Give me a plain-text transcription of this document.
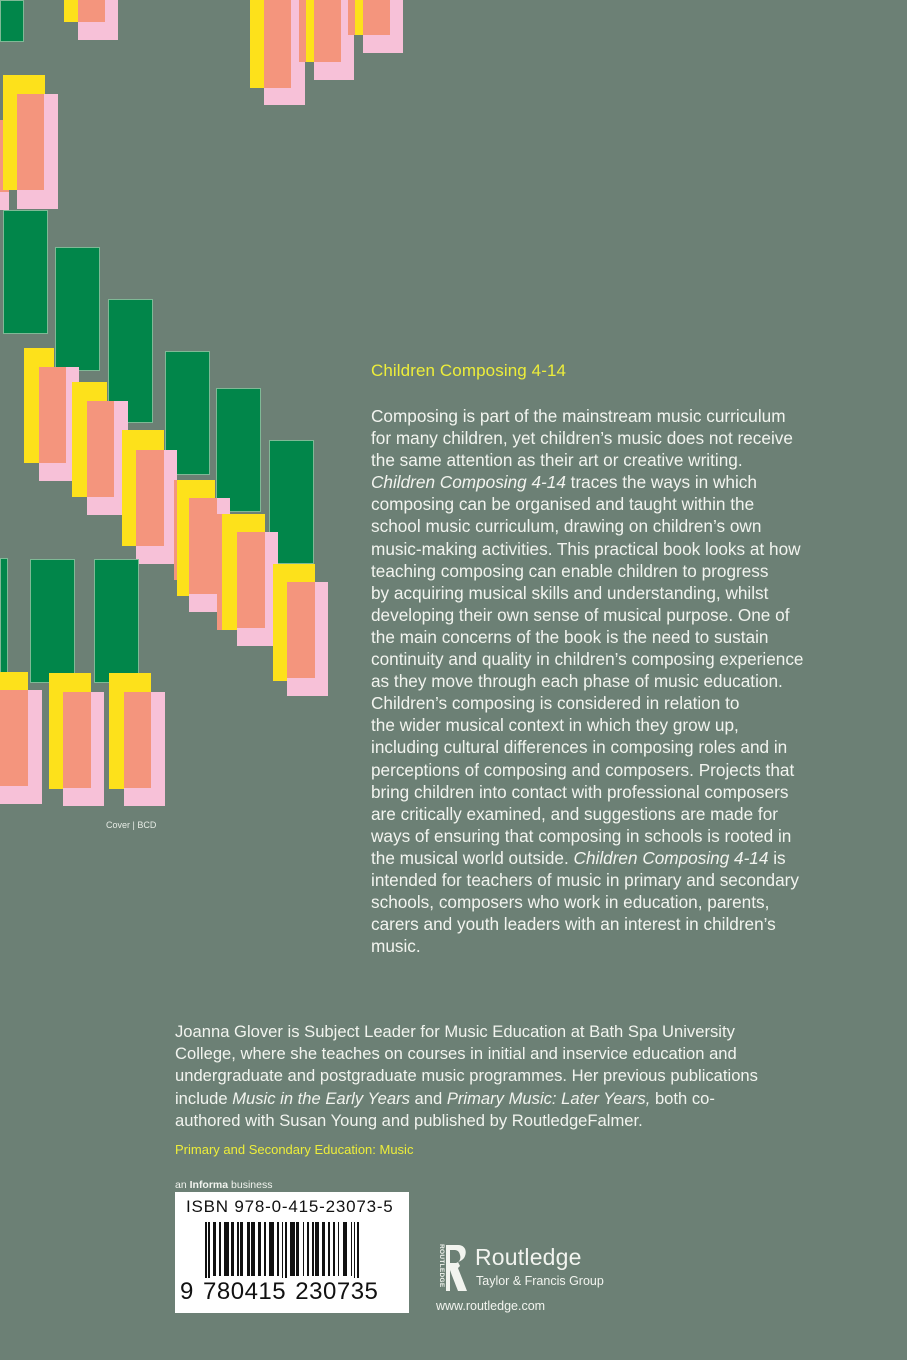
Children Composing 4-14
Composing is part of the mainstream music curriculum
for many children, yet children’s music does not receive
the same attention as their art or creative writing.
Children Composing 4-14 traces the ways in which
composing can be organised and taught within the
school music curriculum, drawing on children’s own
music-making activities. This practical book looks at how
teaching composing can enable children to progress
by acquiring musical skills and understanding, whilst
developing their own sense of musical purpose. One of
the main concerns of the book is the need to sustain
continuity and quality in children’s composing experience
as they move through each phase of music education.
Children’s composing is considered in relation to
the wider musical context in which they grow up,
including cultural differences in composing roles and in
perceptions of composing and composers. Projects that
bring children into contact with professional composers
are critically examined, and suggestions are made for
ways of ensuring that composing in schools is rooted in
the musical world outside. Children Composing 4-14 is
intended for teachers of music in primary and secondary
schools, composers who work in education, parents,
carers and youth leaders with an interest in children’s
music.
Cover | BCD
Joanna Glover is Subject Leader for Music Education at Bath Spa University
College, where she teaches on courses in initial and inservice education and
undergraduate and postgraduate music programmes. Her previous publications
include Music in the Early Years and Primary Music: Later Years, both co-
authored with Susan Young and published by RoutledgeFalmer.
Primary and Secondary Education: Music
an Informa business
ISBN 978-0-415-23073-5
9 780415 230735
ROUTLEDGE Routledge
Taylor & Francis Group
www.routledge.com
